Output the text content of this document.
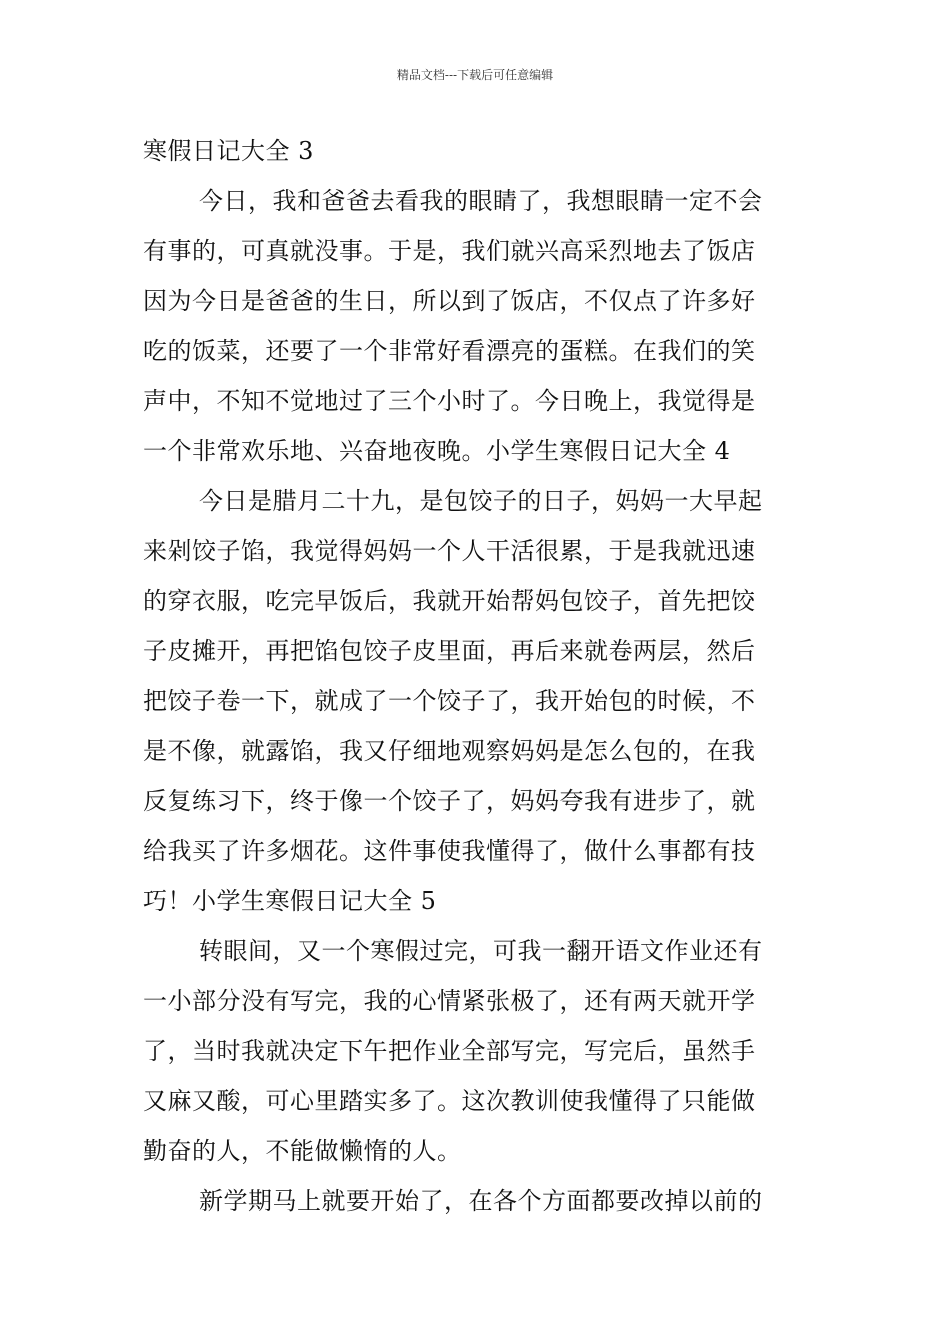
精品文档---下载后可任意编辑
寒假日记大全 3
今日，我和爸爸去看我的眼睛了，我想眼睛一定不会
有事的，可真就没事。于是，我们就兴高采烈地去了饭店
因为今日是爸爸的生日，所以到了饭店，不仅点了许多好
吃的饭菜，还要了一个非常好看漂亮的蛋糕。在我们的笑
声中，不知不觉地过了三个小时了。今日晚上，我觉得是
一个非常欢乐地、兴奋地夜晚。小学生寒假日记大全 4
今日是腊月二十九，是包饺子的日子，妈妈一大早起
来剁饺子馅，我觉得妈妈一个人干活很累，于是我就迅速
的穿衣服，吃完早饭后，我就开始帮妈包饺子，首先把饺
子皮摊开，再把馅包饺子皮里面，再后来就卷两层，然后
把饺子卷一下，就成了一个饺子了，我开始包的时候，不
是不像，就露馅，我又仔细地观察妈妈是怎么包的，在我
反复练习下，终于像一个饺子了，妈妈夸我有进步了，就
给我买了许多烟花。这件事使我懂得了，做什么事都有技
巧！小学生寒假日记大全 5
转眼间，又一个寒假过完，可我一翻开语文作业还有
一小部分没有写完，我的心情紧张极了，还有两天就开学
了，当时我就决定下午把作业全部写完，写完后，虽然手
又麻又酸，可心里踏实多了。这次教训使我懂得了只能做
勤奋的人，不能做懒惰的人。
新学期马上就要开始了，在各个方面都要改掉以前的
